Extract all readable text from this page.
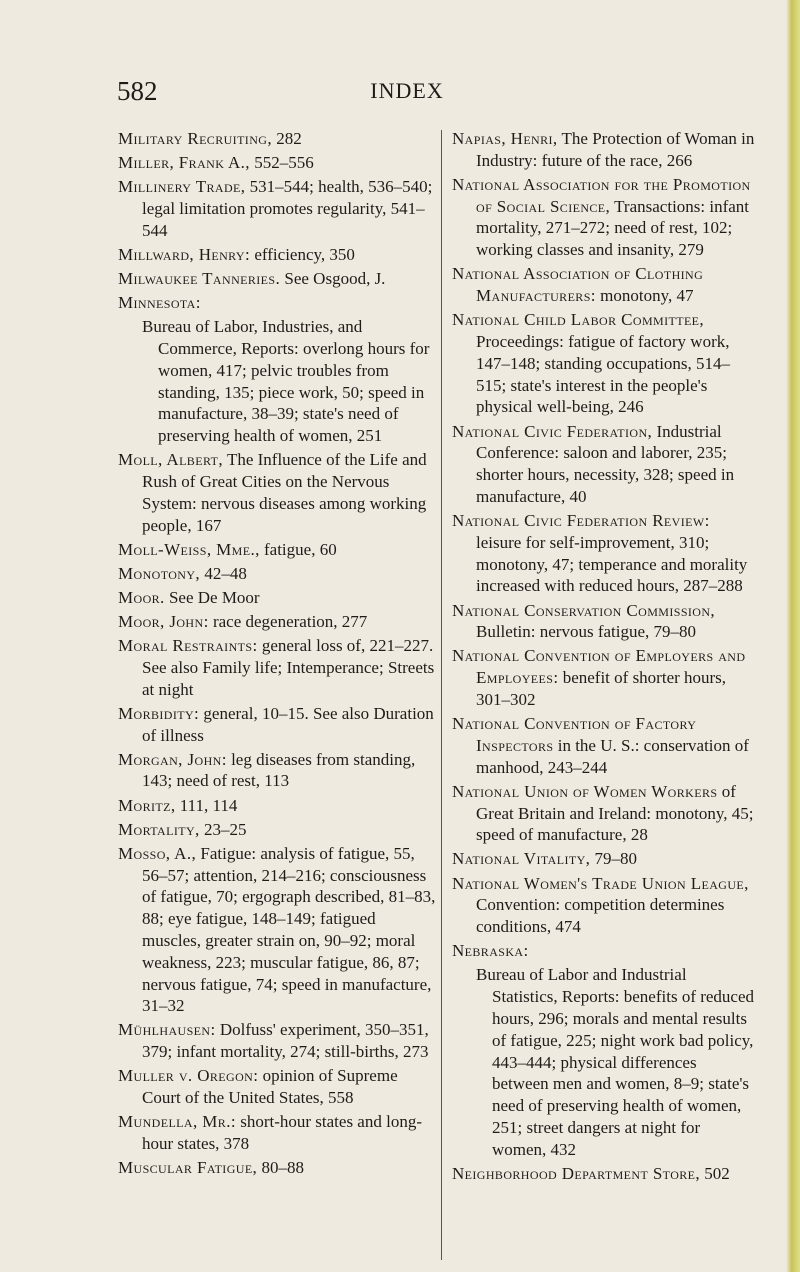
582	INDEX

Military Recruiting, 282

Miller, Frank A., 552–556

Millinery Trade, 531–544; health, 536–540; legal limitation promotes regularity, 541–544

Millward, Henry: efficiency, 350

Milwaukee Tanneries. See Osgood, J.

Minnesota:

Bureau of Labor, Industries, and Commerce, Reports: overlong hours for women, 417; pelvic troubles from standing, 135; piece work, 50; speed in manufacture, 38–39; state's need of preserving health of women, 251

Moll, Albert, The Influence of the Life and Rush of Great Cities on the Nervous System: nervous diseases among working people, 167

Moll-Weiss, Mme., fatigue, 60

Monotony, 42–48

Moor. See De Moor

Moor, John: race degeneration, 277

Moral Restraints: general loss of, 221–227. See also Family life; Intemperance; Streets at night

Morbidity: general, 10–15. See also Duration of illness

Morgan, John: leg diseases from standing, 143; need of rest, 113

Moritz, 111, 114

Mortality, 23–25

Mosso, A., Fatigue: analysis of fatigue, 55, 56–57; attention, 214–216; consciousness of fatigue, 70; ergograph described, 81–83, 88; eye fatigue, 148–149; fatigued muscles, greater strain on, 90–92; moral weakness, 223; muscular fatigue, 86, 87; nervous fatigue, 74; speed in manufacture, 31–32

Mühlhausen: Dolfuss' experiment, 350–351, 379; infant mortality, 274; still-births, 273

Muller v. Oregon: opinion of Supreme Court of the United States, 558

Mundella, Mr.: short-hour states and long-hour states, 378

Muscular Fatigue, 80–88

Napias, Henri, The Protection of Woman in Industry: future of the race, 266

National Association for the Promotion of Social Science, Transactions: infant mortality, 271–272; need of rest, 102; working classes and insanity, 279

National Association of Clothing Manufacturers: monotony, 47

National Child Labor Committee, Proceedings: fatigue of factory work, 147–148; standing occupations, 514–515; state's interest in the people's physical well-being, 246

National Civic Federation, Industrial Conference: saloon and laborer, 235; shorter hours, necessity, 328; speed in manufacture, 40

National Civic Federation Review: leisure for self-improvement, 310; monotony, 47; temperance and morality increased with reduced hours, 287–288

National Conservation Commission, Bulletin: nervous fatigue, 79–80

National Convention of Employers and Employees: benefit of shorter hours, 301–302

National Convention of Factory Inspectors in the U. S.: conservation of manhood, 243–244

National Union of Women Workers of Great Britain and Ireland: monotony, 45; speed of manufacture, 28

National Vitality, 79–80

National Women's Trade Union League, Convention: competition determines conditions, 474

Nebraska:

Bureau of Labor and Industrial Statistics, Reports: benefits of reduced hours, 296; morals and mental results of fatigue, 225; night work bad policy, 443–444; physical differences between men and women, 8–9; state's need of preserving health of women, 251; street dangers at night for women, 432

Neighborhood Department Store, 502
